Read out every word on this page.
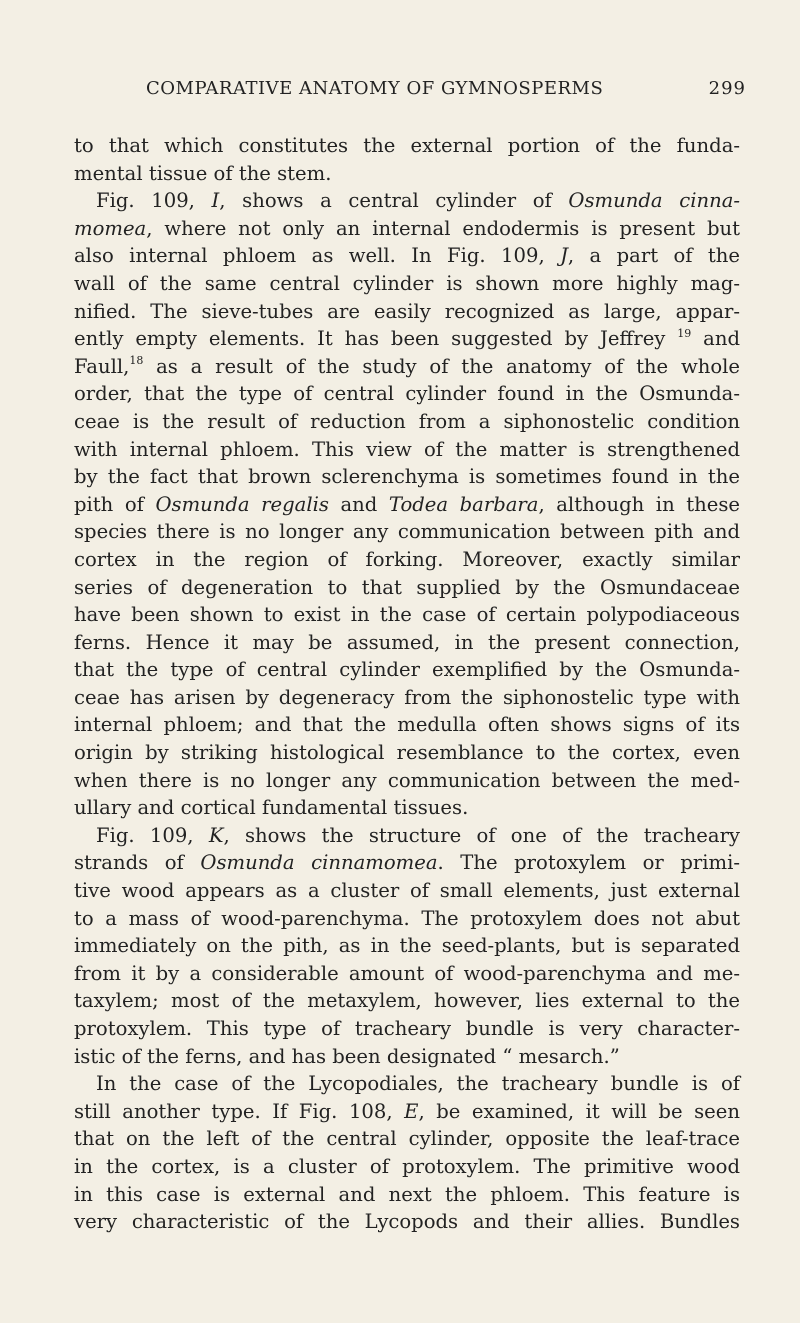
COMPARATIVE ANATOMY OF GYMNOSPERMS	299
to that which constitutes the external portion of the funda-
mental tissue of the stem.
Fig. 109, I, shows a central cylinder of Osmunda cinna-
momea, where not only an internal endodermis is present but
also internal phloem as well. In Fig. 109, J, a part of the
wall of the same central cylinder is shown more highly mag-
nified. The sieve-tubes are easily recognized as large, appar-
ently empty elements. It has been suggested by Jeffrey $^{19}$ and
Faull,$^{18}$ as a result of the study of the anatomy of the whole
order, that the type of central cylinder found in the Osmunda-
ceae is the result of reduction from a siphonostelic condition
with internal phloem. This view of the matter is strengthened
by the fact that brown sclerenchyma is sometimes found in the
pith of Osmunda regalis and Todea barbara, although in these
species there is no longer any communication between pith and
cortex in the region of forking. Moreover, exactly similar
series of degeneration to that supplied by the Osmundaceae
have been shown to exist in the case of certain polypodiaceous
ferns. Hence it may be assumed, in the present connection,
that the type of central cylinder exemplified by the Osmunda-
ceae has arisen by degeneracy from the siphonostelic type with
internal phloem; and that the medulla often shows signs of its
origin by striking histological resemblance to the cortex, even
when there is no longer any communication between the med-
ullary and cortical fundamental tissues.
Fig. 109, K, shows the structure of one of the tracheary
strands of Osmunda cinnamomea. The protoxylem or primi-
tive wood appears as a cluster of small elements, just external
to a mass of wood-parenchyma. The protoxylem does not abut
immediately on the pith, as in the seed-plants, but is separated
from it by a considerable amount of wood-parenchyma and me-
taxylem; most of the metaxylem, however, lies external to the
protoxylem. This type of tracheary bundle is very character-
istic of the ferns, and has been designated “ mesarch.”
In the case of the Lycopodiales, the tracheary bundle is of
still another type. If Fig. 108, E, be examined, it will be seen
that on the left of the central cylinder, opposite the leaf-trace
in the cortex, is a cluster of protoxylem. The primitive wood
in this case is external and next the phloem. This feature is
very characteristic of the Lycopods and their allies. Bundles
